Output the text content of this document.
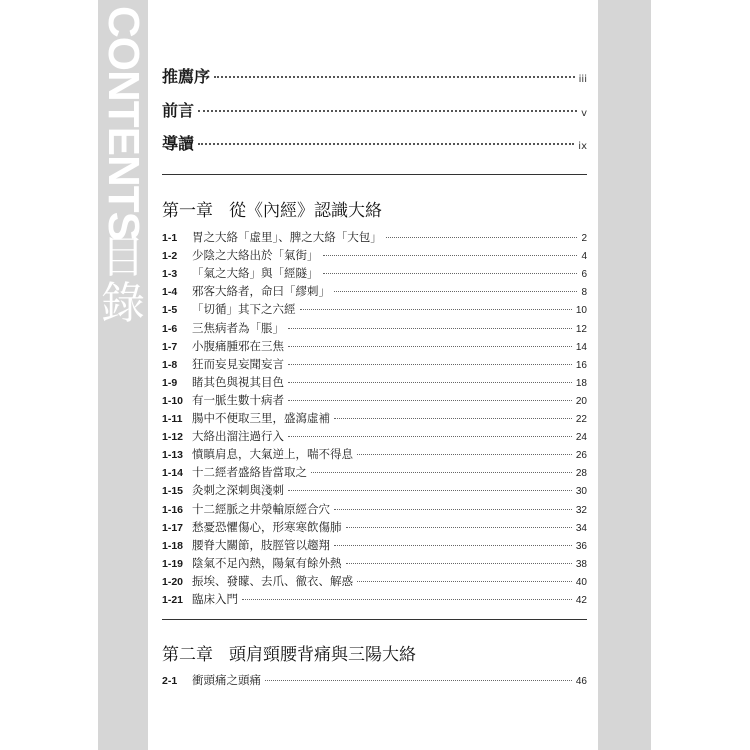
CONTENTS
目
錄
推薦序	iii
前言	v
導讀	ix
第一章 從《內經》認識大絡
1-1	胃之大絡「虛里」、脾之大絡「大包」	2
1-2	少陰之大絡出於「氣街」	4
1-3	「氣之大絡」與「經隧」	6
1-4	邪客大絡者，命曰「繆刺」	8
1-5	「切循」其下之六經	10
1-6	三焦病者為「脹」	12
1-7	小腹痛腫邪在三焦	14
1-8	狂而妄見妄聞妄言	16
1-9	睹其色與視其目色	18
1-10 有一脈生數十病者	20
1-11 腸中不便取三里，盛瀉虛補	22
1-12 大絡出溜注過行入	24
1-13 憤瞋肩息，大氣逆上，喘不得息	26
1-14 十二經者盛絡皆當取之	28
1-15 灸刺之深刺與淺刺	30
1-16 十二經脈之井滎輸原經合穴	32
1-17 愁憂恐懼傷心，形寒寒飲傷肺	34
1-18 腰脊大關節，肢脛管以趨翔	36
1-19 陰氣不足內熱，陽氣有餘外熱	38
1-20 振埃、發矇、去爪、徹衣、解惑	40
1-21 臨床入門	42
第二章 頭肩頸腰背痛與三陽大絡
2-1	衝頭痛之頭痛	46
